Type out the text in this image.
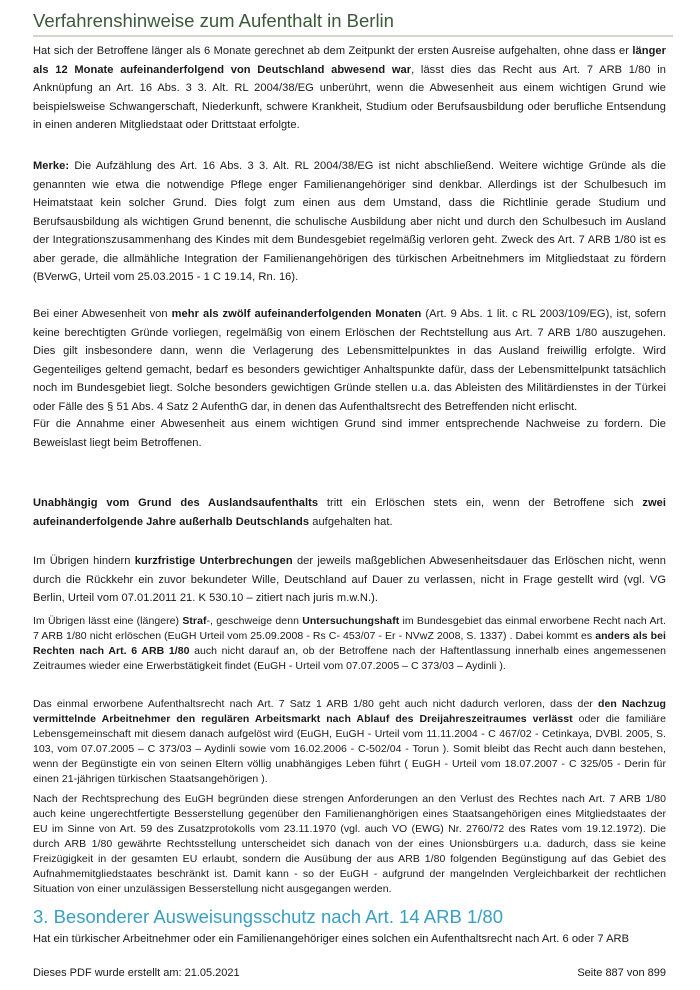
Verfahrenshinweise zum Aufenthalt in Berlin

Hat sich der Betroffene länger als 6 Monate gerechnet ab dem Zeitpunkt der ersten Ausreise aufgehalten, ohne dass er länger als 12 Monate aufeinanderfolgend von Deutschland abwesend war, lässt dies das Recht aus Art. 7 ARB 1/80 in Anknüpfung an Art. 16 Abs. 3 3. Alt. RL 2004/38/EG unberührt, wenn die Abwesenheit aus einem wichtigen Grund wie beispielsweise Schwangerschaft, Niederkunft, schwere Krankheit, Studium oder Berufsausbildung oder berufliche Entsendung in einen anderen Mitgliedstaat oder Drittstaat erfolgte.

Merke: Die Aufzählung des Art. 16 Abs. 3 3. Alt. RL 2004/38/EG ist nicht abschließend. Weitere wichtige Gründe als die genannten wie etwa die notwendige Pflege enger Familienangehöriger sind denkbar. Allerdings ist der Schulbesuch im Heimatstaat kein solcher Grund. Dies folgt zum einen aus dem Umstand, dass die Richtlinie gerade Studium und Berufsausbildung als wichtigen Grund benennt, die schulische Ausbildung aber nicht und durch den Schulbesuch im Ausland der Integrationszusammenhang des Kindes mit dem Bundesgebiet regelmäßig verloren geht. Zweck des Art. 7 ARB 1/80 ist es aber gerade, die allmähliche Integration der Familienangehörigen des türkischen Arbeitnehmers im Mitgliedstaat zu fördern (BVerwG, Urteil vom 25.03.2015 - 1 C 19.14, Rn. 16).

Bei einer Abwesenheit von mehr als zwölf aufeinanderfolgenden Monaten (Art. 9 Abs. 1 lit. c RL 2003/109/EG), ist, sofern keine berechtigten Gründe vorliegen, regelmäßig von einem Erlöschen der Rechtstellung aus Art. 7 ARB 1/80 auszugehen. Dies gilt insbesondere dann, wenn die Verlagerung des Lebensmittelpunktes in das Ausland freiwillig erfolgte. Wird Gegenteiliges geltend gemacht, bedarf es besonders gewichtiger Anhaltspunkte dafür, dass der Lebensmittelpunkt tatsächlich noch im Bundesgebiet liegt. Solche besonders gewichtigen Gründe stellen u.a. das Ableisten des Militärdienstes in der Türkei oder Fälle des § 51 Abs. 4 Satz 2 AufenthG dar, in denen das Aufenthaltsrecht des Betreffenden nicht erlischt.

Für die Annahme einer Abwesenheit aus einem wichtigen Grund sind immer entsprechende Nachweise zu fordern. Die Beweislast liegt beim Betroffenen.

Unabhängig vom Grund des Auslandsaufenthalts tritt ein Erlöschen stets ein, wenn der Betroffene sich zwei aufeinanderfolgende Jahre außerhalb Deutschlands aufgehalten hat.

Im Übrigen hindern kurzfristige Unterbrechungen der jeweils maßgeblichen Abwesenheitsdauer das Erlöschen nicht, wenn durch die Rückkehr ein zuvor bekundeter Wille, Deutschland auf Dauer zu verlassen, nicht in Frage gestellt wird (vgl. VG Berlin, Urteil vom 07.01.2011 21. K 530.10 – zitiert nach juris m.w.N.).

Im Übrigen lässt eine (längere) Straf-, geschweige denn Untersuchungshaft im Bundesgebiet das einmal erworbene Recht nach Art. 7 ARB 1/80 nicht erlöschen (EuGH Urteil vom 25.09.2008 - Rs C- 453/07 - Er - NVwZ 2008, S. 1337) . Dabei kommt es anders als bei Rechten nach Art. 6 ARB 1/80 auch nicht darauf an, ob der Betroffene nach der Haftentlassung innerhalb eines angemessenen Zeitraumes wieder eine Erwerbstätigkeit findet (EuGH - Urteil vom 07.07.2005 – C 373/03 – Aydinli ).

Das einmal erworbene Aufenthaltsrecht nach Art. 7 Satz 1 ARB 1/80 geht auch nicht dadurch verloren, dass der den Nachzug vermittelnde Arbeitnehmer den regulären Arbeitsmarkt nach Ablauf des Dreijahreszeitraumes verlässt oder die familiäre Lebensgemeinschaft mit diesem danach aufgelöst wird (EuGH, EuGH - Urteil vom 11.11.2004 - C 467/02 - Cetinkaya, DVBl. 2005, S. 103, vom 07.07.2005 – C 373/03 – Aydinli sowie vom 16.02.2006 - C-502/04 - Torun ). Somit bleibt das Recht auch dann bestehen, wenn der Begünstigte ein von seinen Eltern völlig unabhängiges Leben führt ( EuGH - Urteil vom 18.07.2007 - C 325/05 - Derin für einen 21-jährigen türkischen Staatsangehörigen ).

Nach der Rechtsprechung des EuGH begründen diese strengen Anforderungen an den Verlust des Rechtes nach Art. 7 ARB 1/80 auch keine ungerechtfertigte Besserstellung gegenüber den Familienanghörigen eines Staatsangehörigen eines Mitgliedstaates der EU im Sinne von Art. 59 des Zusatzprotokolls vom 23.11.1970 (vgl. auch VO (EWG) Nr. 2760/72 des Rates vom 19.12.1972). Die durch ARB 1/80 gewährte Rechtsstellung unterscheidet sich danach von der eines Unionsbürgers u.a. dadurch, dass sie keine Freizügigkeit in der gesamten EU erlaubt, sondern die Ausübung der aus ARB 1/80 folgenden Begünstigung auf das Gebiet des Aufnahmemitgliedstaates beschränkt ist. Damit kann - so der EuGH - aufgrund der mangelnden Vergleichbarkeit der rechtlichen Situation von einer unzulässigen Besserstellung nicht ausgegangen werden.

3. Besonderer Ausweisungsschutz nach Art. 14 ARB 1/80

Hat ein türkischer Arbeitnehmer oder ein Familienangehöriger eines solchen ein Aufenthaltsrecht nach Art. 6 oder 7 ARB

Dieses PDF wurde erstellt am: 21.05.2021	Seite 887 von 899
